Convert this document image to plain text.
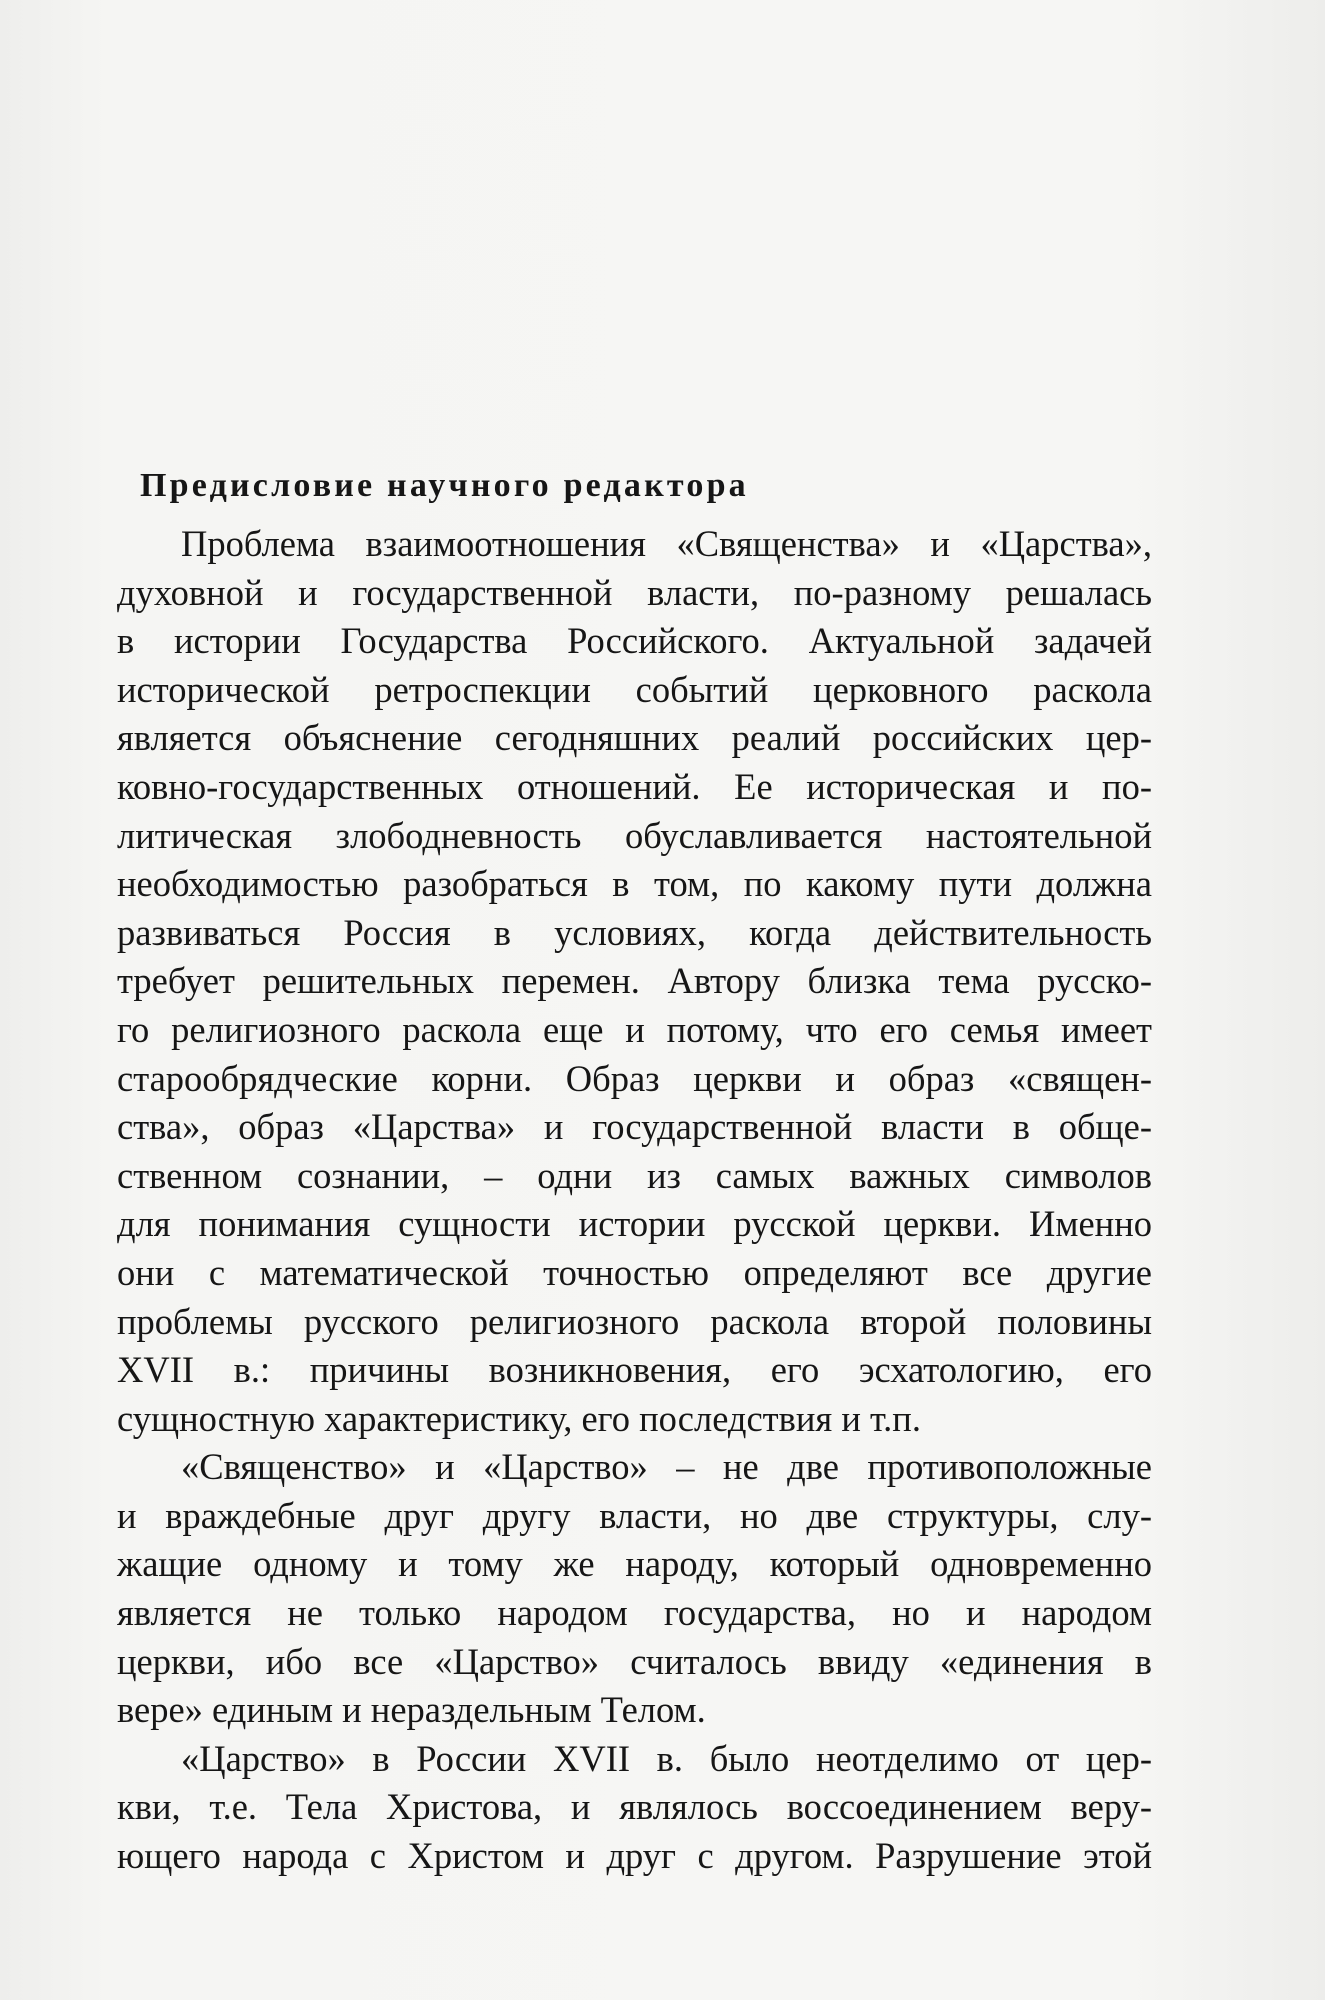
Предисловие научного редактора
Проблема взаимоотношения «Священства» и «Царства»,
духовной и государственной власти, по-разному решалась
в истории Государства Российского. Актуальной задачей
исторической ретроспекции событий церковного раскола
является объяснение сегодняшних реалий российских цер-
ковно-государственных отношений. Ее историческая и по-
литическая злободневность обуславливается настоятельной
необходимостью разобраться в том, по какому пути должна
развиваться Россия в условиях, когда действительность
требует решительных перемен. Автору близка тема русско-
го религиозного раскола еще и потому, что его семья имеет
старообрядческие корни. Образ церкви и образ «священ-
ства», образ «Царства» и государственной власти в обще-
ственном сознании, – одни из самых важных символов
для понимания сущности истории русской церкви. Именно
они с математической точностью определяют все другие
проблемы русского религиозного раскола второй половины
XVII в.: причины возникновения, его эсхатологию, его
сущностную характеристику, его последствия и т.п.
«Священство» и «Царство» – не две противоположные
и враждебные друг другу власти, но две структуры, слу-
жащие одному и тому же народу, который одновременно
является не только народом государства, но и народом
церкви, ибо все «Царство» считалось ввиду «единения в
вере» единым и нераздельным Телом.
«Царство» в России XVII в. было неотделимо от цер-
кви, т.е. Тела Христова, и являлось воссоединением веру-
ющего народа с Христом и друг с другом. Разрушение этой
